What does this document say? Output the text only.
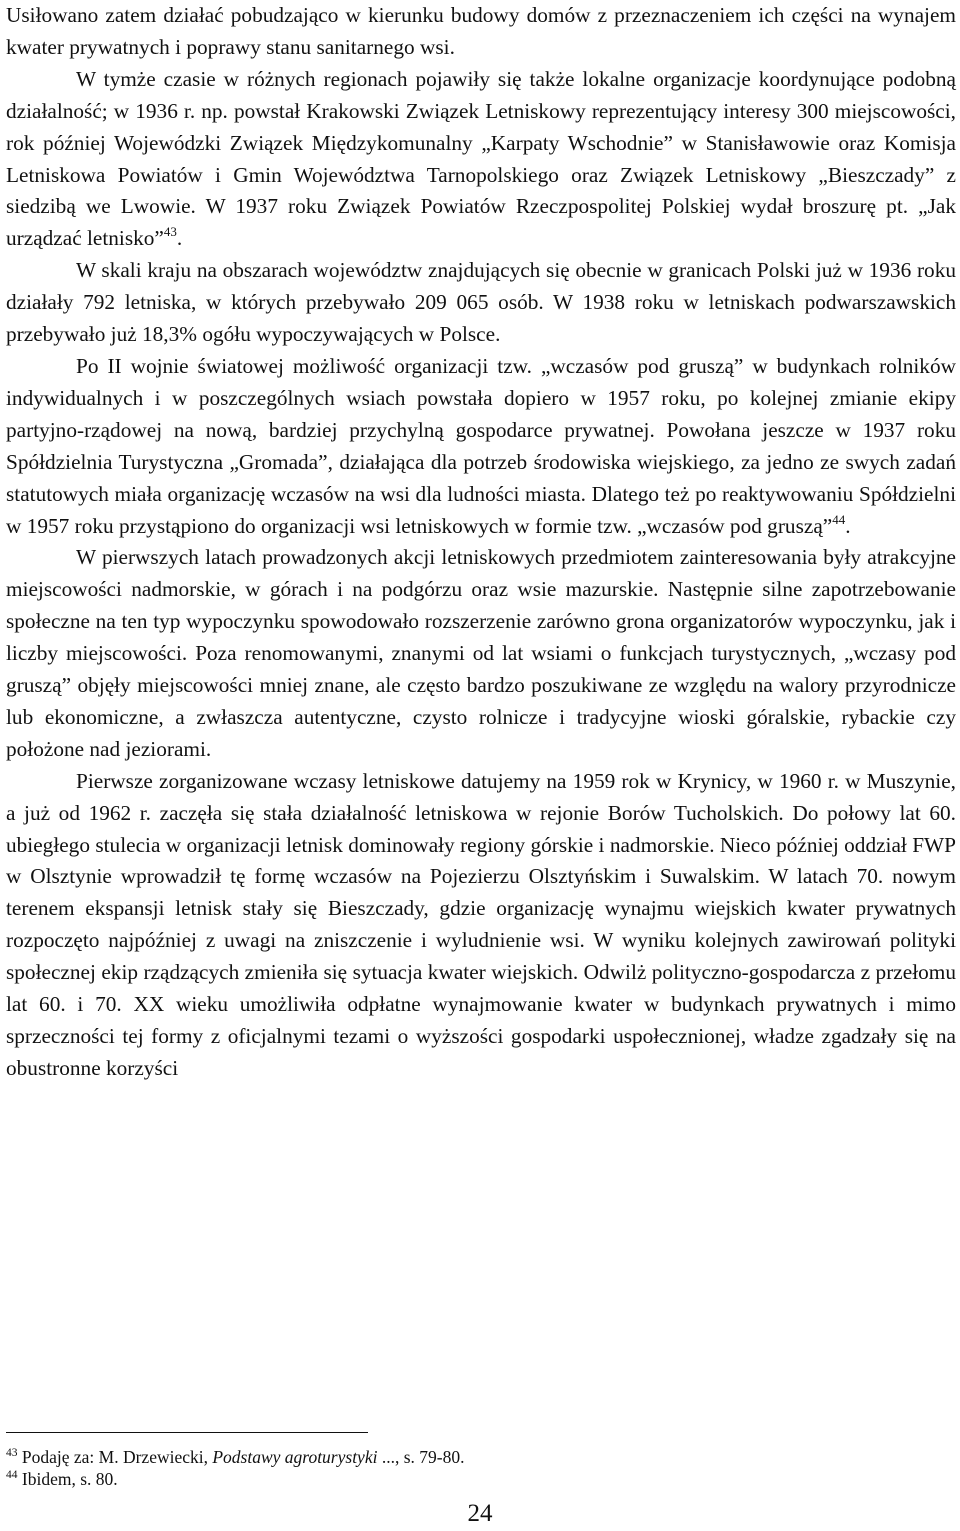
Usiłowano zatem działać pobudzająco w kierunku budowy domów z przeznaczeniem ich części na wynajem kwater prywatnych i poprawy stanu sanitarnego wsi.

W tymże czasie w różnych regionach pojawiły się także lokalne organizacje koordynujące podobną działalność; w 1936 r. np. powstał Krakowski Związek Letniskowy reprezentujący interesy 300 miejscowości, rok później Wojewódzki Związek Międzykomunalny „Karpaty Wschodnie” w Stanisławowie oraz Komisja Letniskowa Powiatów i Gmin Województwa Tarnopolskiego oraz Związek Letniskowy „Bieszczady” z siedzibą we Lwowie. W 1937 roku Związek Powiatów Rzeczpospolitej Polskiej wydał broszurę pt. „Jak urządzać letnisko”$^{43}$.

W skali kraju na obszarach województw znajdujących się obecnie w granicach Polski już w 1936 roku działały 792 letniska, w których przebywało 209 065 osób. W 1938 roku w letniskach podwarszawskich przebywało już 18,3% ogółu wypoczywających w Polsce.

Po II wojnie światowej możliwość organizacji tzw. „wczasów pod gruszą” w budynkach rolników indywidualnych i w poszczególnych wsiach powstała dopiero w 1957 roku, po kolejnej zmianie ekipy partyjno-rządowej na nową, bardziej przychylną gospodarce prywatnej. Powołana jeszcze w 1937 roku Spółdzielnia Turystyczna „Gromada”, działająca dla potrzeb środowiska wiejskiego, za jedno ze swych zadań statutowych miała organizację wczasów na wsi dla ludności miasta. Dlatego też po reaktywowaniu Spółdzielni w 1957 roku przystąpiono do organizacji wsi letniskowych w formie tzw. „wczasów pod gruszą”$^{44}$.

W pierwszych latach prowadzonych akcji letniskowych przedmiotem zainteresowania były atrakcyjne miejscowości nadmorskie, w górach i na podgórzu oraz wsie mazurskie. Następnie silne zapotrzebowanie społeczne na ten typ wypoczynku spowodowało rozszerzenie zarówno grona organizatorów wypoczynku, jak i liczby miejscowości. Poza renomowanymi, znanymi od lat wsiami o funkcjach turystycznych, „wczasy pod gruszą” objęły miejscowości mniej znane, ale często bardzo poszukiwane ze względu na walory przyrodnicze lub ekonomiczne, a zwłaszcza autentyczne, czysto rolnicze i tradycyjne wioski góralskie, rybackie czy położone nad jeziorami.

Pierwsze zorganizowane wczasy letniskowe datujemy na 1959 rok w Krynicy, w 1960 r. w Muszynie, a już od 1962 r. zaczęła się stała działalność letniskowa w rejonie Borów Tucholskich. Do połowy lat 60. ubiegłego stulecia w organizacji letnisk dominowały regiony górskie i nadmorskie. Nieco później oddział FWP w Olsztynie wprowadził tę formę wczasów na Pojezierzu Olsztyńskim i Suwalskim. W latach 70. nowym terenem ekspansji letnisk stały się Bieszczady, gdzie organizację wynajmu wiejskich kwater prywatnych rozpoczęto najpóźniej z uwagi na zniszczenie i wyludnienie wsi. W wyniku kolejnych zawirowań polityki społecznej ekip rządzących zmieniła się sytuacja kwater wiejskich. Odwilż polityczno-gospodarcza z przełomu lat 60. i 70. XX wieku umożliwiła odpłatne wynajmowanie kwater w budynkach prywatnych i mimo sprzeczności tej formy z oficjalnymi tezami o wyższości gospodarki uspołecznionej, władze zgadzały się na obustronne korzyści

$^{43}$ Podaję za: M. Drzewiecki, Podstawy agroturystyki ..., s. 79-80.

$^{44}$ Ibidem, s. 80.

24
